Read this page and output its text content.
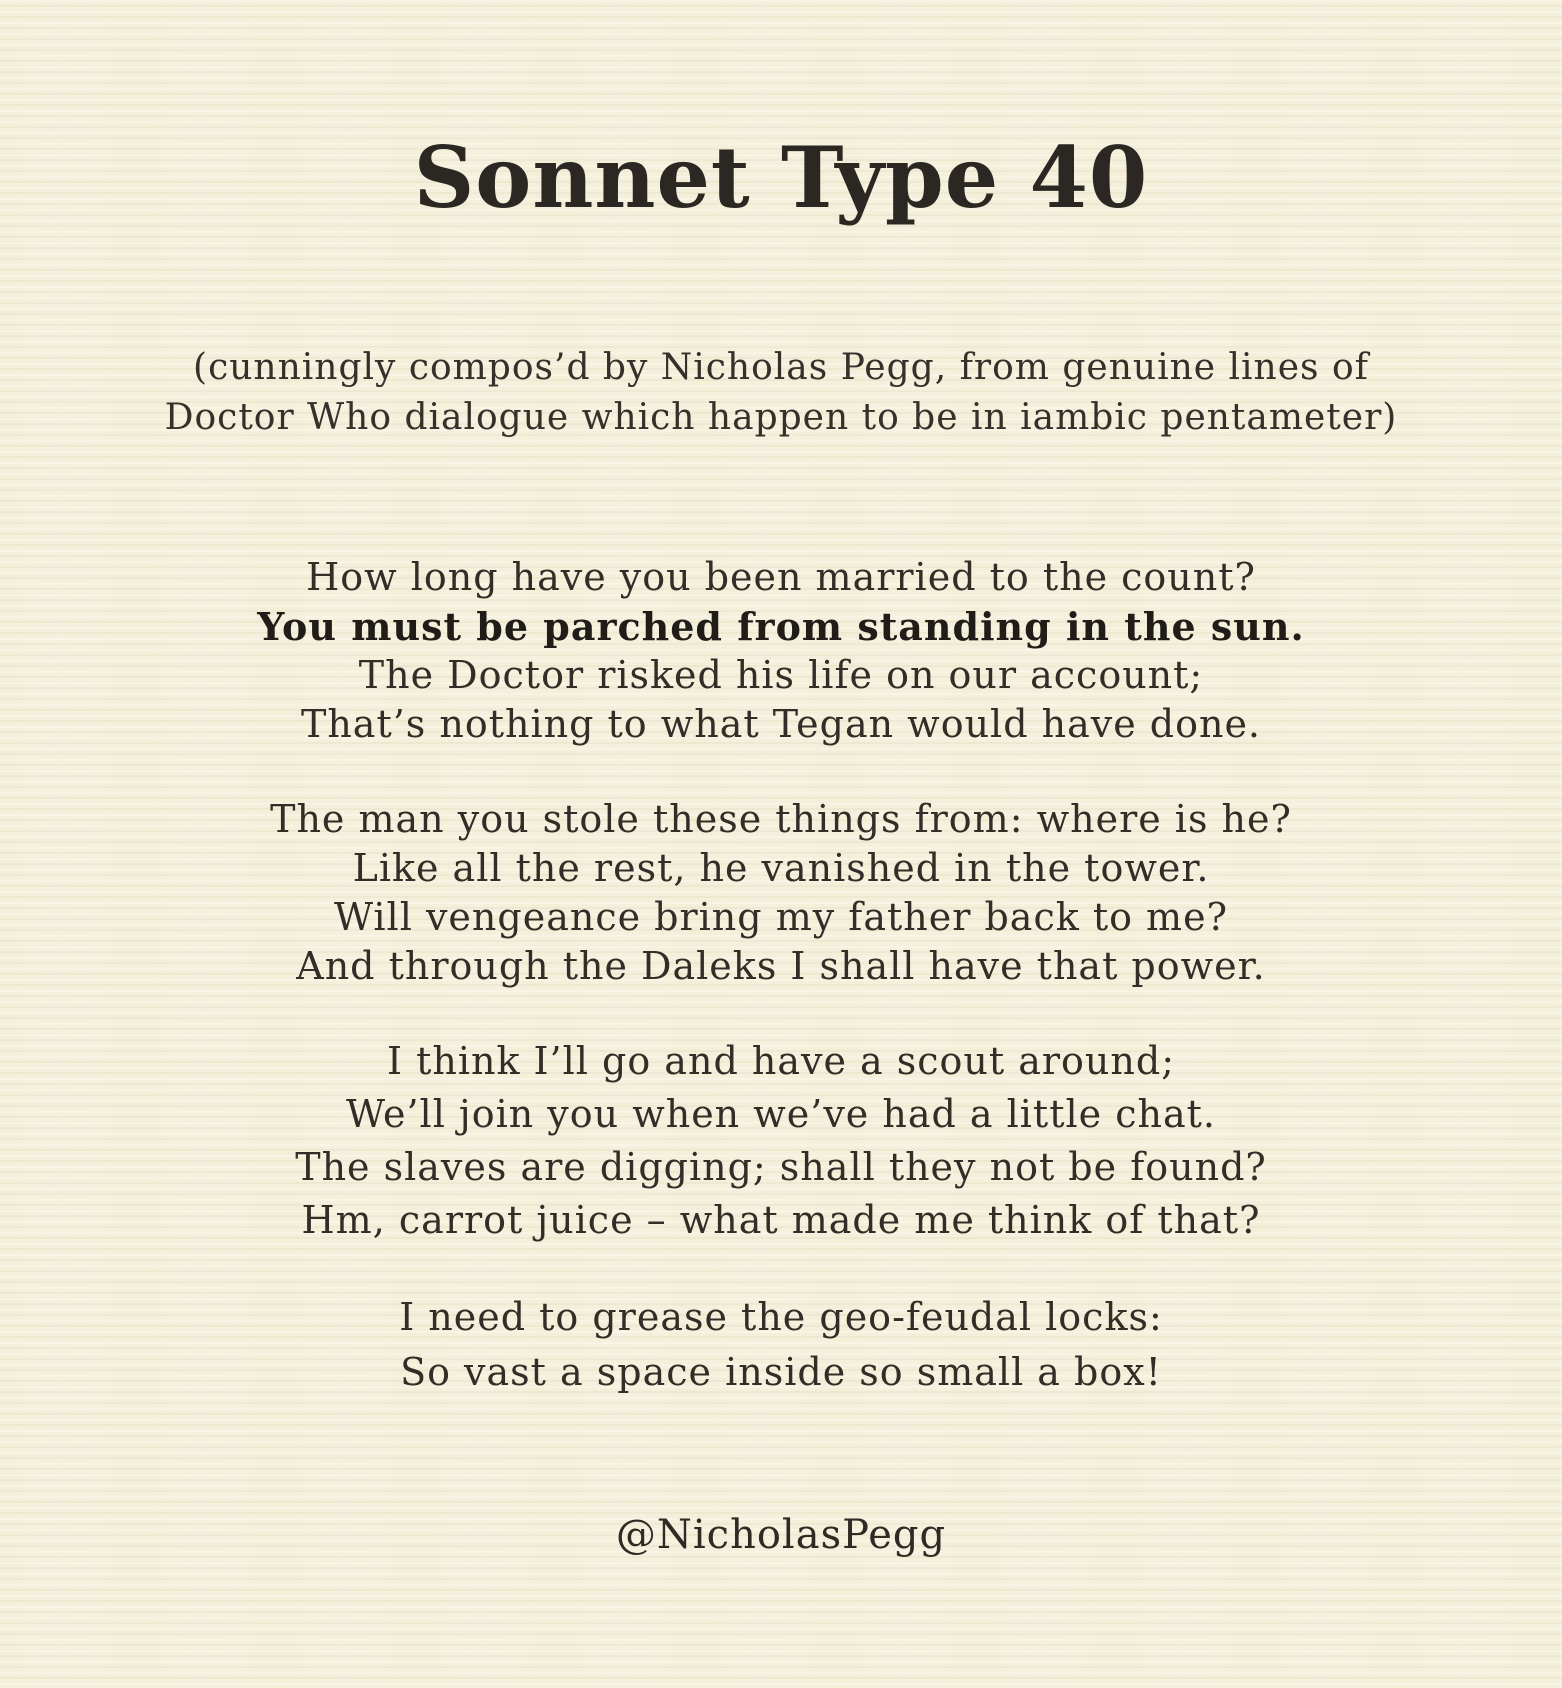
Sonnet Type 40
(cunningly compos’d by Nicholas Pegg, from genuine lines of
Doctor Who dialogue which happen to be in iambic pentameter)
How long have you been married to the count?
You must be parched from standing in the sun.
The Doctor risked his life on our account;
That’s nothing to what Tegan would have done.
The man you stole these things from: where is he?
Like all the rest, he vanished in the tower.
Will vengeance bring my father back to me?
And through the Daleks I shall have that power.
I think I’ll go and have a scout around;
We’ll join you when we’ve had a little chat.
The slaves are digging; shall they not be found?
Hm, carrot juice – what made me think of that?
I need to grease the geo-feudal locks:
So vast a space inside so small a box!
@NicholasPegg
